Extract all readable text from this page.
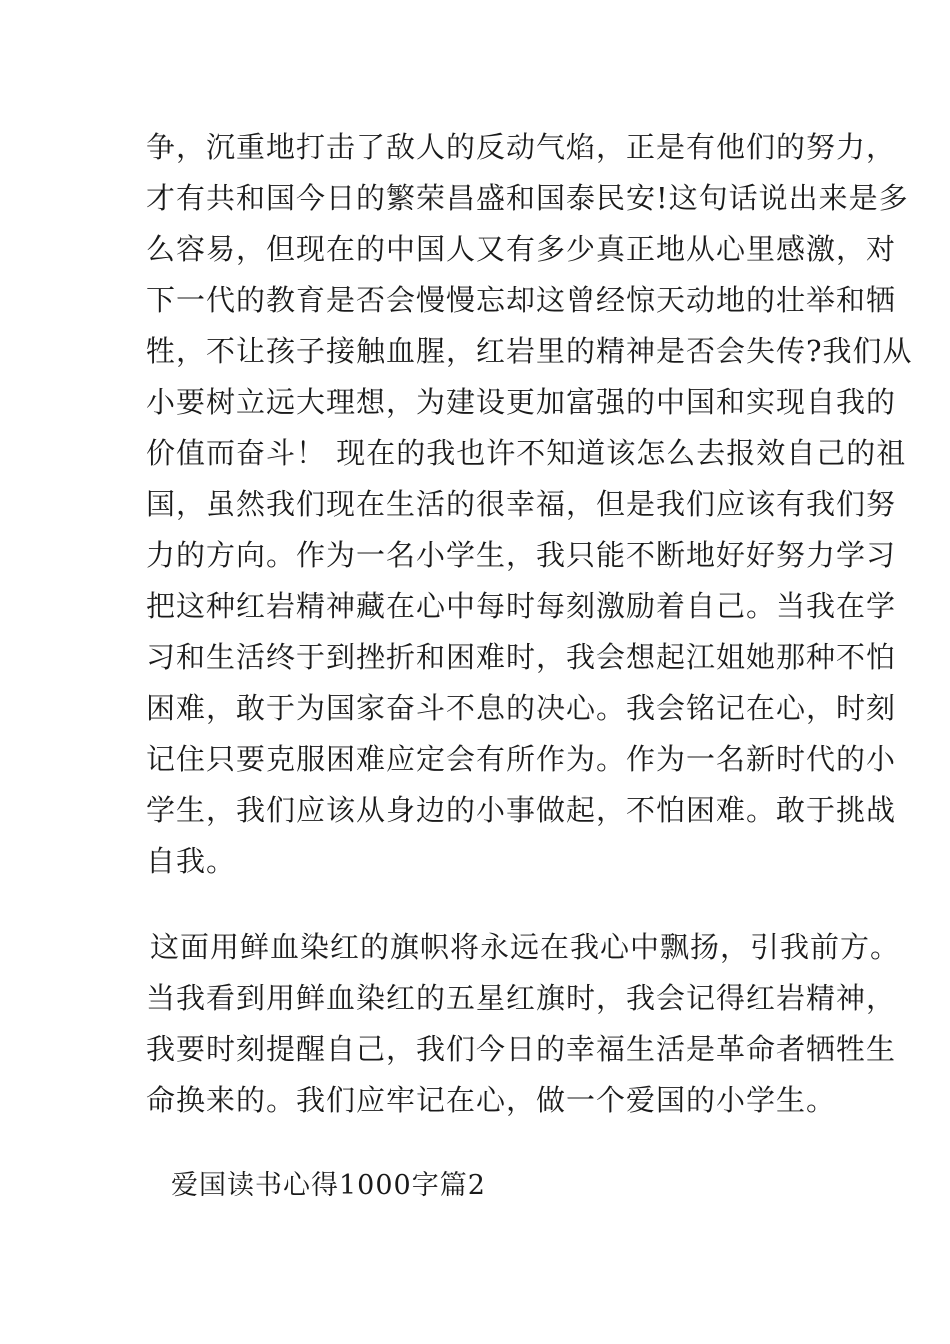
争，沉重地打击了敌人的反动气焰，正是有他们的努力，
才有共和国今日的繁荣昌盛和国泰民安!这句话说出来是多
么容易，但现在的中国人又有多少真正地从心里感激，对
下一代的教育是否会慢慢忘却这曾经惊天动地的壮举和牺
牲，不让孩子接触血腥，红岩里的精神是否会失传?我们从
小要树立远大理想，为建设更加富强的中国和实现自我的
价值而奋斗！ 现在的我也许不知道该怎么去报效自己的祖
国，虽然我们现在生活的很幸福，但是我们应该有我们努
力的方向。作为一名小学生，我只能不断地好好努力学习
把这种红岩精神藏在心中每时每刻激励着自己。当我在学
习和生活终于到挫折和困难时，我会想起江姐她那种不怕
困难，敢于为国家奋斗不息的决心。我会铭记在心，时刻
记住只要克服困难应定会有所作为。作为一名新时代的小
学生，我们应该从身边的小事做起，不怕困难。敢于挑战
自我。
这面用鲜血染红的旗帜将永远在我心中飘扬，引我前方。
当我看到用鲜血染红的五星红旗时，我会记得红岩精神，
我要时刻提醒自己，我们今日的幸福生活是革命者牺牲生
命换来的。我们应牢记在心，做一个爱国的小学生。
爱国读书心得1000字篇2
